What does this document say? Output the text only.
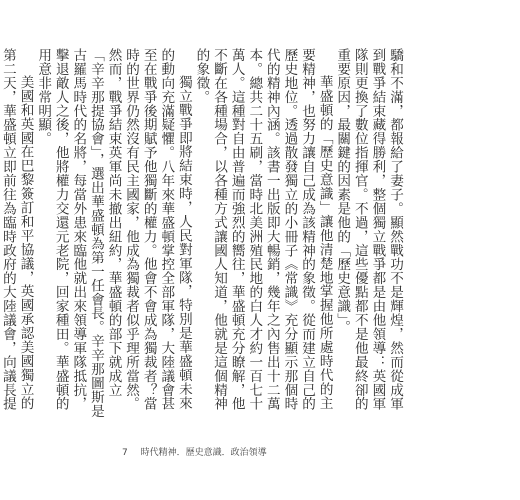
驕和不滿，都報給了妻子。顯然戰功不是輝煌，然而從成軍到戰爭結束藏得勝利，整個獨立戰爭都是由他領導：英國軍隊則更換了數位指揮官。不過，這些優點都不是他最終卻的重要原因，最關鍵的因素是他的「歷史意識」。

華盛頓的「歷史意識」讓他清楚地掌握他所處時代的主要精神，也努力讓自己成為該精神的象徵。從而建立自己的歷史地位。透過散發獨立的小冊子《常識》充分顯示那個時代的精神內涵。該書一出版即大暢銷，幾年之內售出十二萬本。總共二十五刷，當時北美洲殖民地的白人才約一百七十萬人。這種對自由普遍而強烈的嚮往，華盛頓充分瞭解，他不斷在各種場合，以各種方式讓國人知道，他就是這個精神的象徵。

獨立戰爭即將結束時，人民對軍隊，特別是華盛頓未來的動向充滿疑懼。八年來華盛頓掌控全部軍隊，大陸議會甚至在戰爭後期賦予他獨斷的權力。他會不會成為獨裁者？當時的世界仍然沒有民主國家，他成為獨裁者似乎理所當然。然而，戰爭結束英軍尚未撤出紐約，華盛頓的部下就成立「辛辛那提協會」，選出華盛頓為第一任會長。辛辛那圖斯是古羅馬時代的名將，每當外患來臨他就出來領導軍隊抵抗，擊退敵人之後，他將權力交還元老院，回家種田。華盛頓的用意非常明顯。

美國和英國在巴黎簽訂和平協議，英國承認美國獨立的第二天，華盛頓立即前往為臨時政府的大陸議會，向議長提

7 時代精神．歷史意識．政治領導
